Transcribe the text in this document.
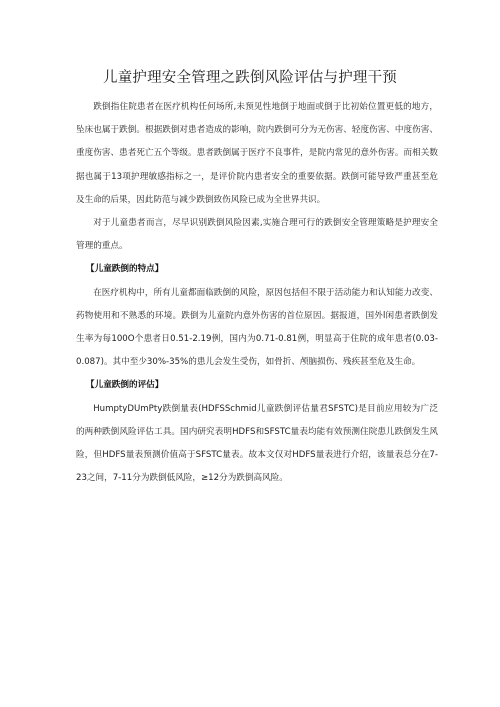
儿童护理安全管理之跌倒风险评估与护理干预

跌倒指住院患者在医疗机构任何场所,未预见性地倒于地面或倒于比初始位置更低的地方，坠床也属于跌倒。根据跌倒对患者造成的影响，院内跌倒可分为无伤害、轻度伤害、中度伤害、重度伤害、患者死亡五个等级。患者跌倒属于医疗不良事件，是院内常见的意外伤害。而相关数据也属于13项护理敏感指标之一，是评价院内患者安全的重要依据。跌倒可能导致严重甚至危及生命的后果，因此防范与减少跌倒致伤风险已成为全世界共识。

对于儿童患者而言，尽早识别跌倒风险因素,实施合理可行的跌倒安全管理策略是护理安全管理的重点。

【儿童跌倒的特点】

在医疗机构中，所有儿童都面临跌倒的风险，原因包括但不限于活动能力和认知能力改变、药物使用和不熟悉的环境。跌倒为儿童院内意外伤害的首位原因。据报道，国外l闲患者跌倒发生率为每100O个患者日0.51-2.19例，国内为0.71-0.81例，明显高于住院的成年患者(0.03-0.087)。其中至少30%-35%的患儿会发生受伤，如骨折、颅脑损伤、残疾甚至危及生命。

【儿童跌倒的评估】

HumptyDUmPty跌倒量表(HDFSSchmid儿童跌倒评估量君SFSTC)是目前应用较为广泛的两种跌倒风险评估工具。国内研究表明HDFS和SFSTC量表均能有效预测住院患儿跌倒发生风险，但HDFS量表预测价值高于SFSTC量表。故本文仅对HDFS量表进行介绍，该量表总分在7-23之间，7-11分为跌倒低风险，≥12分为跌倒高风险。
